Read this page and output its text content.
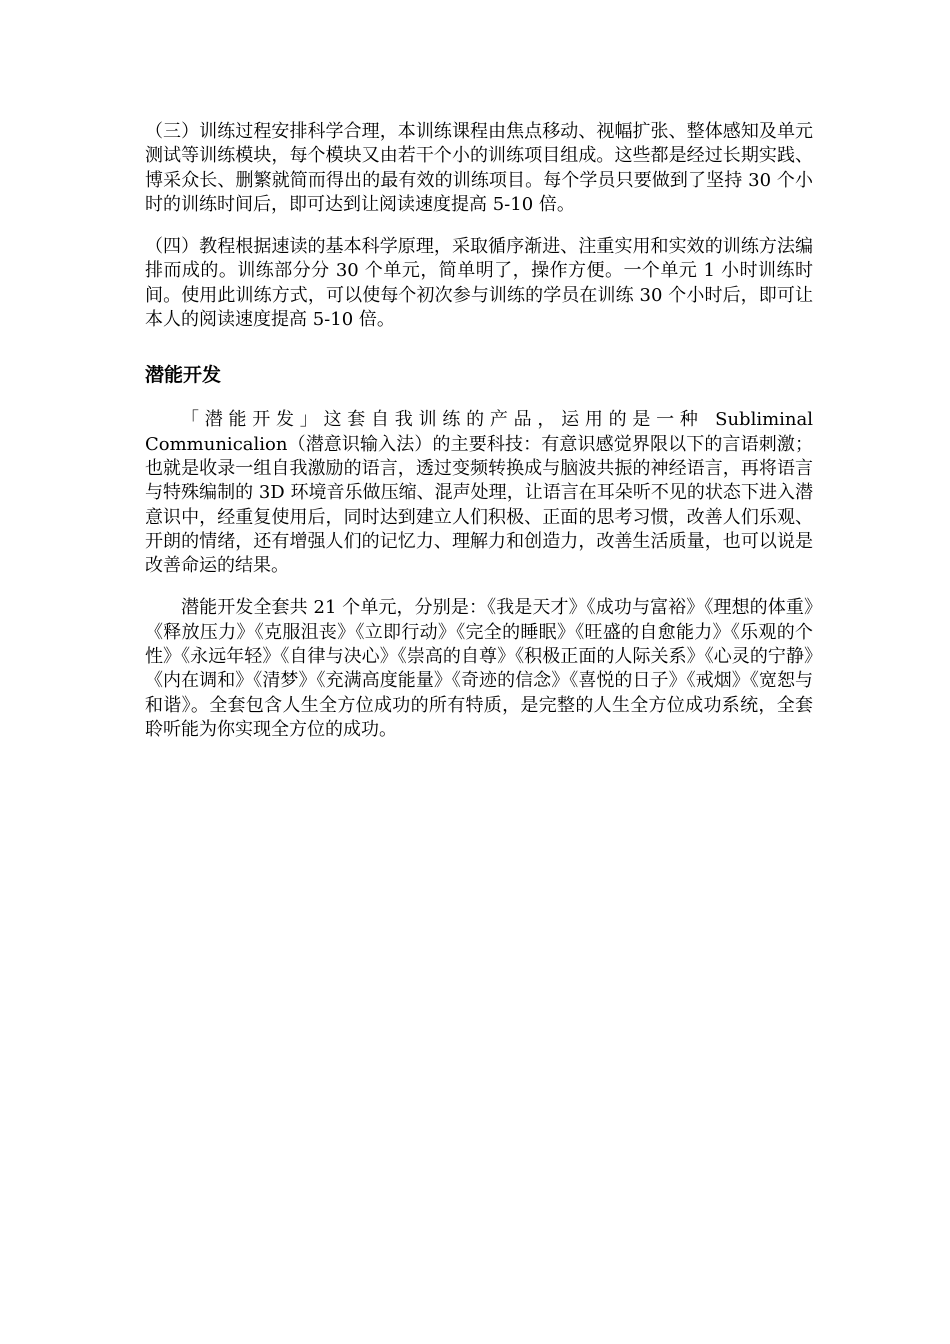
（三）训练过程安排科学合理，本训练课程由焦点移动、视幅扩张、整体感知及单元测试等训练模块，每个模块又由若干个小的训练项目组成。这些都是经过长期实践、博采众长、删繁就简而得出的最有效的训练项目。每个学员只要做到了坚持 30 个小时的训练时间后，即可达到让阅读速度提高 5-10 倍。

（四）教程根据速读的基本科学原理，采取循序渐进、注重实用和实效的训练方法编排而成的。训练部分分 30 个单元，简单明了，操作方便。一个单元 1 小时训练时间。使用此训练方式，可以使每个初次参与训练的学员在训练 30 个小时后，即可让本人的阅读速度提高 5-10 倍。

潜能开发

「潜能开发」这套自我训练的产品，运用的是一种 Subliminal Communicalion（潜意识输入法）的主要科技：有意识感觉界限以下的言语刺激；也就是收录一组自我激励的语言，透过变频转换成与脑波共振的神经语言，再将语言与特殊编制的 3D 环境音乐做压缩、混声处理，让语言在耳朵听不见的状态下进入潜意识中，经重复使用后，同时达到建立人们积极、正面的思考习惯，改善人们乐观、开朗的情绪，还有增强人们的记忆力、理解力和创造力，改善生活质量，也可以说是改善命运的结果。

潜能开发全套共 21 个单元，分别是：《我是天才》《成功与富裕》《理想的体重》《释放压力》《克服沮丧》《立即行动》《完全的睡眠》《旺盛的自愈能力》《乐观的个性》《永远年轻》《自律与决心》《崇高的自尊》《积极正面的人际关系》《心灵的宁静》《内在调和》《清梦》《充满高度能量》《奇迹的信念》《喜悦的日子》《戒烟》《宽恕与和谐》。全套包含人生全方位成功的所有特质，是完整的人生全方位成功系统，全套聆听能为你实现全方位的成功。
